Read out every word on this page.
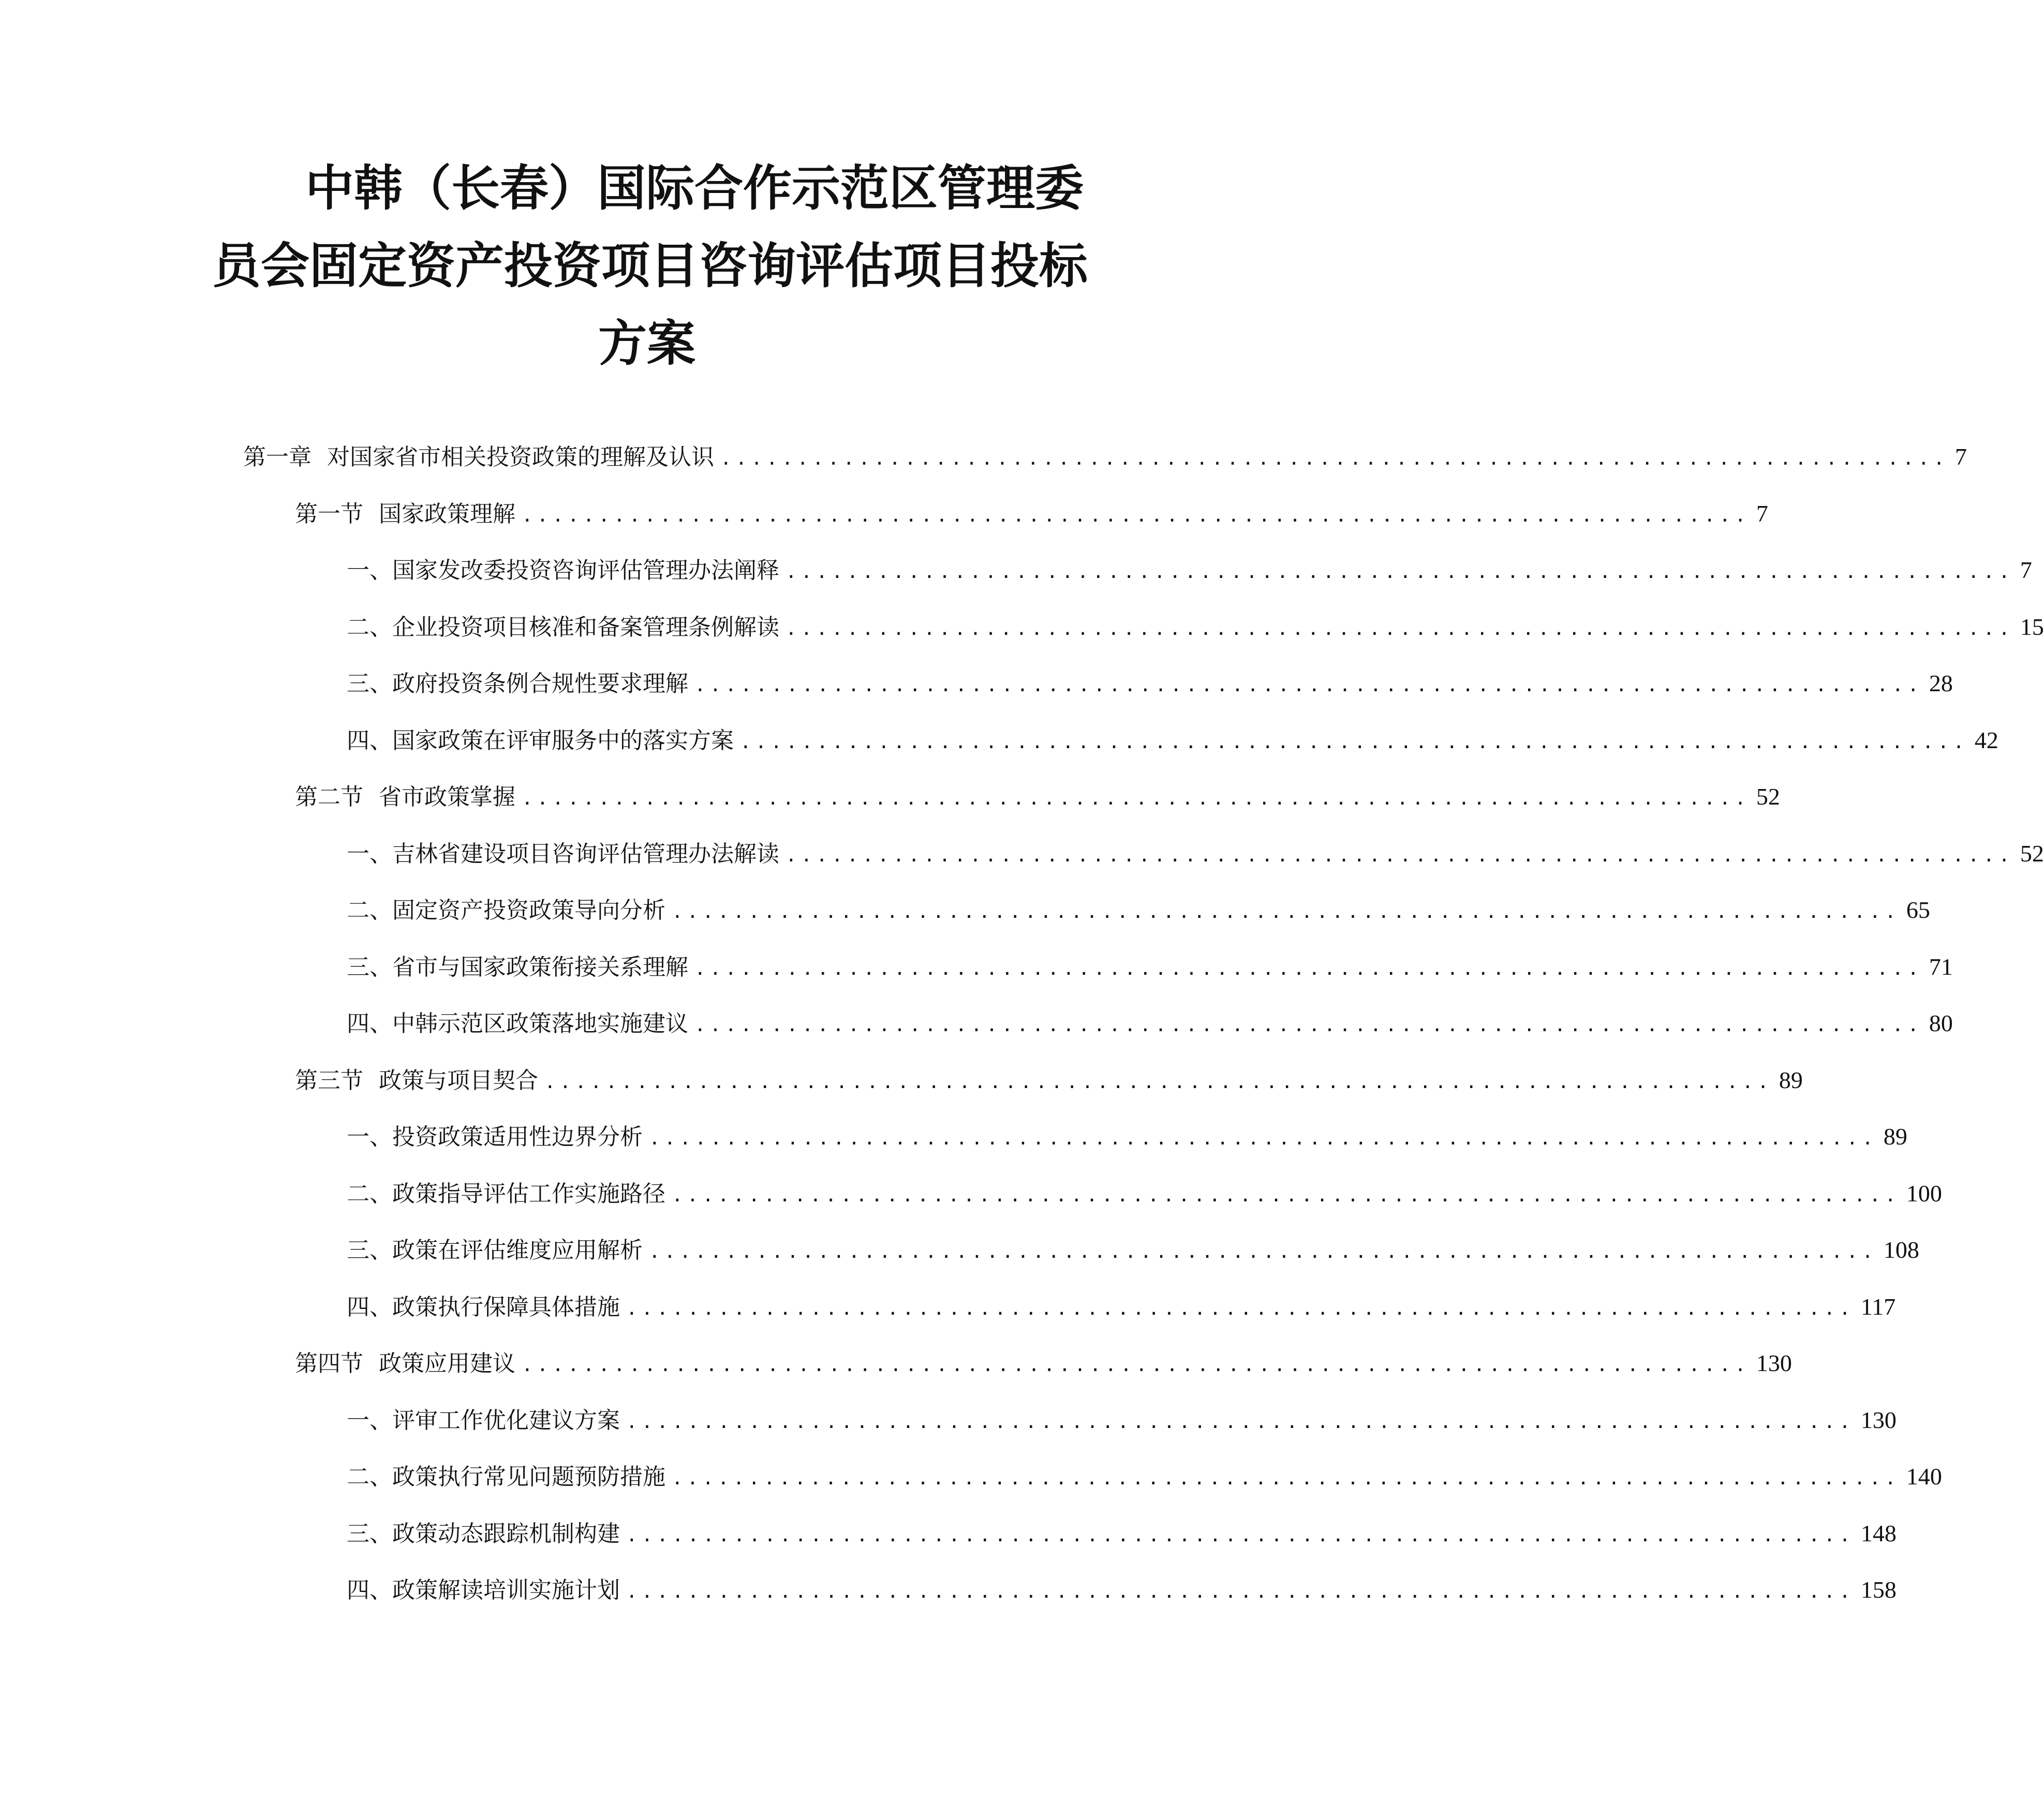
中韩（长春）国际合作示范区管理委
员会固定资产投资项目咨询评估项目投标
方案
第一章 对国家省市相关投资政策的理解及认识 ................................................................................ 7
第一节 国家政策理解 ................................................................................ 7
一、 国家发改委投资咨询评估管理办法阐释 ................................................................................ 7
二、 企业投资项目核准和备案管理条例解读 ................................................................................ 15
三、 政府投资条例合规性要求理解 ................................................................................ 28
四、 国家政策在评审服务中的落实方案 ................................................................................ 42
第二节 省市政策掌握 ................................................................................ 52
一、 吉林省建设项目咨询评估管理办法解读 ................................................................................ 52
二、 固定资产投资政策导向分析 ................................................................................ 65
三、 省市与国家政策衔接关系理解 ................................................................................ 71
四、 中韩示范区政策落地实施建议 ................................................................................ 80
第三节 政策与项目契合 ................................................................................ 89
一、 投资政策适用性边界分析 ................................................................................ 89
二、 政策指导评估工作实施路径 ................................................................................ 100
三、 政策在评估维度应用解析 ................................................................................ 108
四、 政策执行保障具体措施 ................................................................................ 117
第四节 政策应用建议 ................................................................................ 130
一、 评审工作优化建议方案 ................................................................................ 130
二、 政策执行常见问题预防措施 ................................................................................ 140
三、 政策动态跟踪机制构建 ................................................................................ 148
四、 政策解读培训实施计划 ................................................................................ 158
